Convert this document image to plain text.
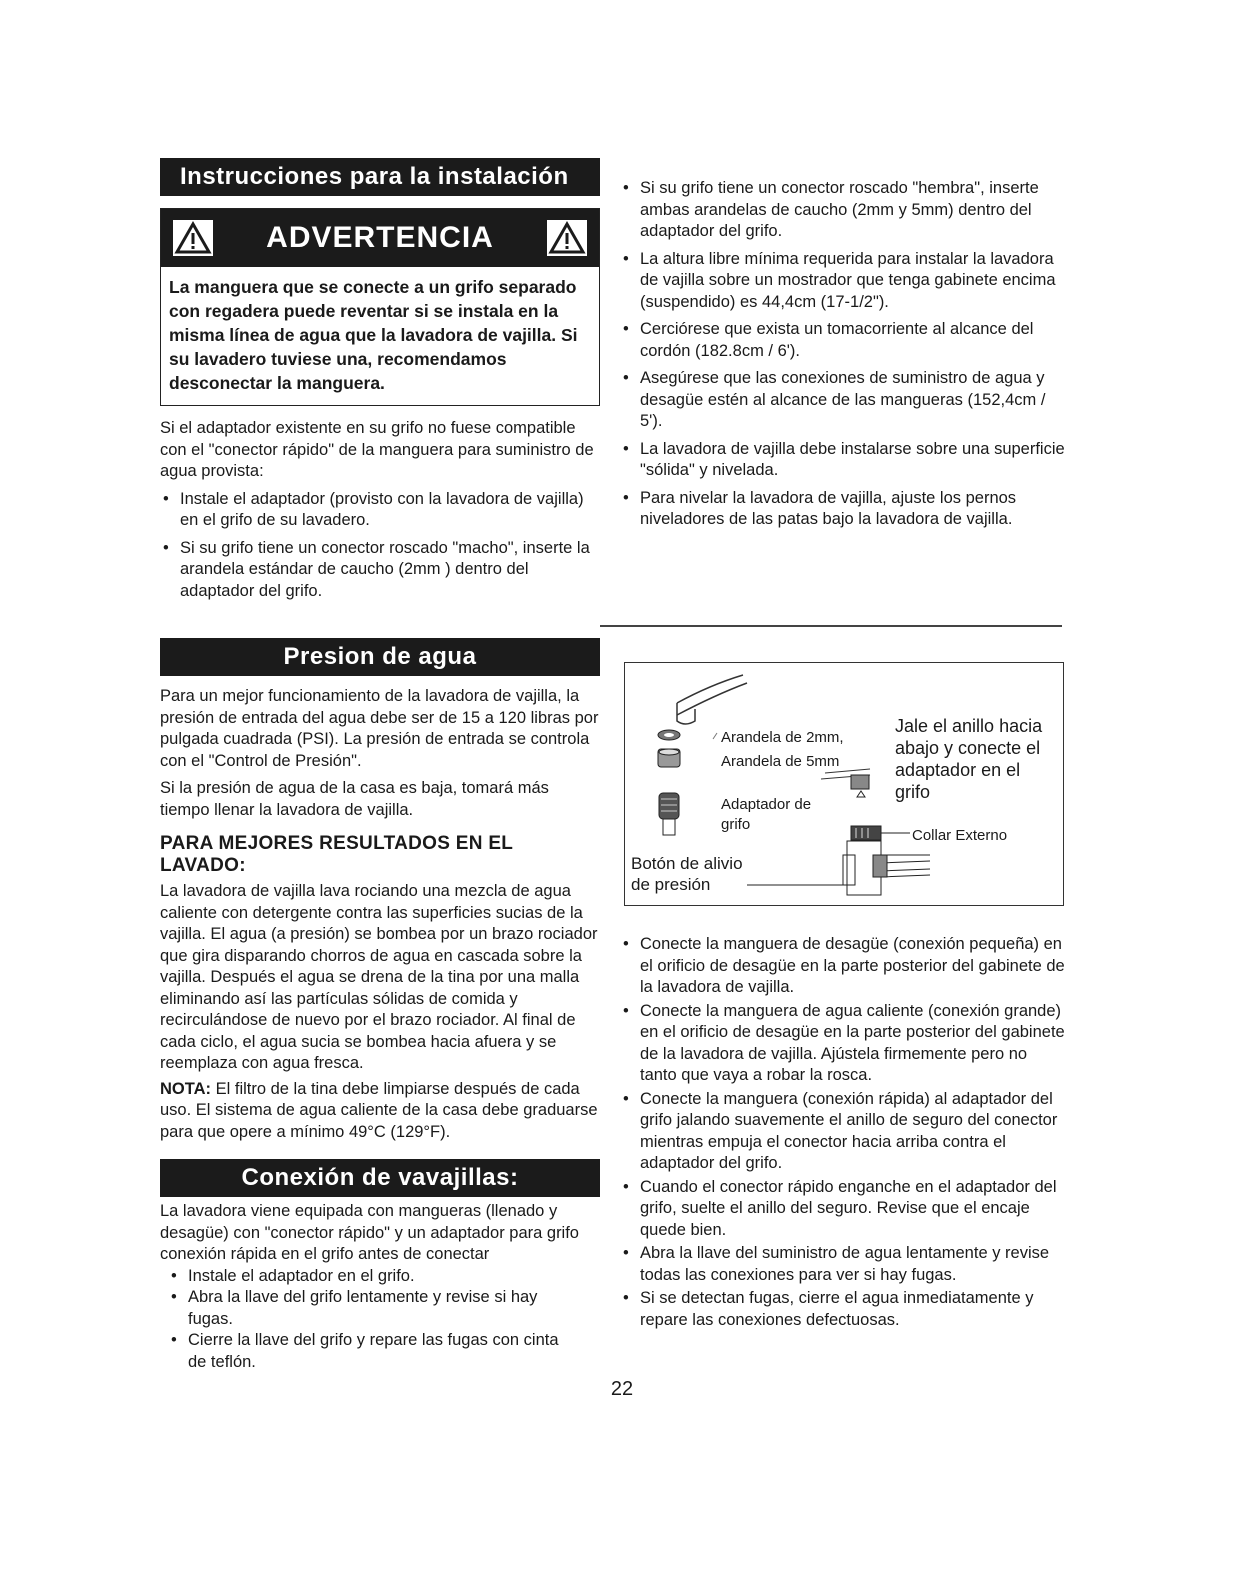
Instrucciones para la instalación
ADVERTENCIA
La manguera que se conecte a un grifo separado con regadera puede reventar si se instala en la misma línea de agua que la lavadora de vajilla. Si su lavadero tuviese una, recomendamos desconectar la manguera.

Si el adaptador existente en su grifo no fuese compatible con el "conector rápido" de la manguera para suministro de agua provista:

• Instale el adaptador (provisto con la lavadora de vajilla) en el grifo de su lavadero.
• Si su grifo tiene un conector roscado "macho", inserte la arandela estándar de caucho (2mm ) dentro del adaptador del grifo.
Presion de agua

Para un mejor funcionamiento de la lavadora de vajilla, la presión de entrada del agua debe ser de 15 a 120 libras por pulgada cuadrada (PSI). La presión de entrada se controla con el "Control de Presión".

Si la presión de agua de la casa es baja, tomará más tiempo llenar la lavadora de vajilla.

PARA MEJORES RESULTADOS EN EL LAVADO:

La lavadora de vajilla lava rociando una mezcla de agua caliente con detergente contra las superficies sucias de la vajilla. El agua (a presión) se bombea por un brazo rociador que gira disparando chorros de agua en cascada sobre la vajilla. Después el agua se drena de la tina por una malla eliminando así las partículas sólidas de comida y recirculándose de nuevo por el brazo rociador. Al final de cada ciclo, el agua sucia se bombea hacia afuera y se reemplaza con agua fresca.

NOTA: El filtro de la tina debe limpiarse después de cada uso. El sistema de agua caliente de la casa debe graduarse para que opere a mínimo 49°C (129°F).

Conexión de vavajillas:

La lavadora viene equipada con mangueras (llenado y desagüe) con "conector rápido" y un adaptador para grifo conexión rápida en el grifo antes de conectar

• Instale el adaptador en el grifo.
• Abra la llave del grifo lentamente y revise si hay fugas.
• Cierre la llave del grifo y repare las fugas con cinta de teflón.
• Si su grifo tiene un conector roscado "hembra", inserte ambas arandelas de caucho (2mm y 5mm) dentro del adaptador del grifo.
• La altura libre mínima requerida para instalar la lavadora de vajilla sobre un mostrador que tenga gabinete encima (suspendido) es 44,4cm (17-1/2").
• Cerciórese que exista un tomacorriente al alcance del cordón (182.8cm / 6').
• Asegúrese que las conexiones de suministro de agua y desagüe estén al alcance de las mangueras (152,4cm / 5').
• La lavadora de vajilla debe instalarse sobre una superficie "sólida" y nivelada.
• Para nivelar la lavadora de vajilla, ajuste los pernos niveladores de las patas bajo la lavadora de vajilla.
Arandela de 2mm,
Arandela de 5mm
Adaptador de
grifo
Botón de alivio
de presión
Jale el anillo hacia abajo y conecte el adaptador en el grifo
Collar Externo
• Conecte la manguera de desagüe (conexión pequeña) en el orificio de desagüe en la parte posterior del gabinete de la lavadora de vajilla.
• Conecte la manguera de agua caliente (conexión grande) en el orificio de desagüe en la parte posterior del gabinete de la lavadora de vajilla. Ajústela firmemente pero no tanto que vaya a robar la rosca.
• Conecte la manguera (conexión rápida) al adaptador del grifo jalando suavemente el anillo de seguro del conector mientras empuja el conector hacia arriba contra el adaptador del grifo.
• Cuando el conector rápido enganche en el adaptador del grifo, suelte el anillo del seguro. Revise que el encaje quede bien.
• Abra la llave del suministro de agua lentamente y revise todas las conexiones para ver si hay fugas.
• Si se detectan fugas, cierre el agua inmediatamente y repare las conexiones defectuosas.
22
